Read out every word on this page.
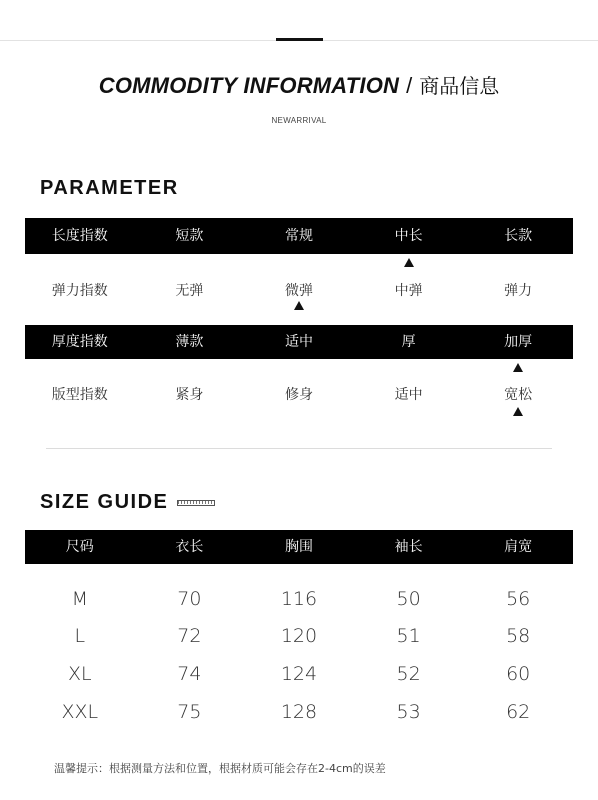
COMMODITY INFORMATION / 商品信息
NEWARRIVAL
PARAMETER
长度指数	短款	常规	中长	长款
弹力指数	无弹	微弹	中弹	弹力
厚度指数	薄款	适中	厚	加厚
版型指数	紧身	修身	适中	宽松
SIZE GUIDE
尺码	衣长	胸围	袖长	肩宽
M	70	116	50	56
L	72	120	51	58
XL	74	124	52	60
XXL	75	128	53	62
温馨提示：根据测量方法和位置，根据材质可能会存在2-4cm的误差
